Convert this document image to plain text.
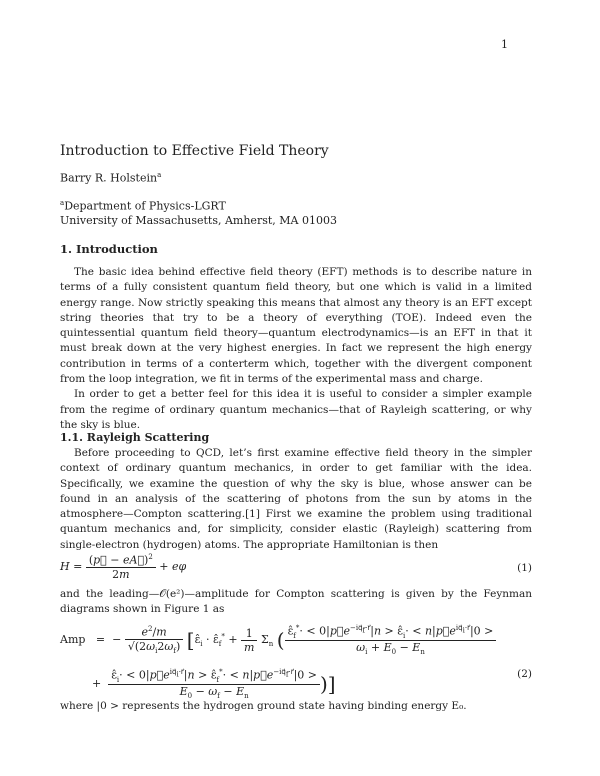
1
Introduction to Effective Field Theory
Barry R. Holstein$^a$
$^a$Department of Physics-LGRT
University of Massachusetts, Amherst, MA 01003
1. Introduction

The basic idea behind effective field theory (EFT) methods is to describe nature in terms of a fully consistent quantum field theory, but one which is valid in a limited energy range. Now strictly speaking this means that almost any theory is an EFT except string theories that try to be a theory of everything (TOE). Indeed even the quintessential quantum field theory—quantum electrodynamics—is an EFT in that it must break down at the very highest energies. In fact we represent the high energy contribution in terms of a conterterm which, together with the divergent component from the loop integration, we fit in terms of the experimental mass and charge.

In order to get a better feel for this idea it is useful to consider a simpler example from the regime of ordinary quantum mechanics—that of Rayleigh scattering, or why the sky is blue.

1.1. Rayleigh Scattering

Before proceeding to QCD, let’s first examine effective field theory in the simpler context of ordinary quantum mechanics, in order to get familiar with the idea. Specifically, we examine the question of why the sky is blue, whose answer can be found in an analysis of the scattering of photons from the sun by atoms in the atmosphere—Compton scattering.[1] First we examine the problem using traditional quantum mechanics and, for simplicity, consider elastic (Rayleigh) scattering from single-electron (hydrogen) atoms. The appropriate Hamiltonian is then

$H = \frac{(p⃗ - eA⃗)^2}{2m} + e\varphi$	(1)
and the leading—𝒪(e²)—amplitude for Compton scattering is given by the Feynman diagrams shown in Figure 1 as
Amp   =  − $\frac{e^2/m}{√(2\omega_i2\omega_f)}$ [$\varepsilon̂_i$ · $\varepsilon̂_f^* + \frac{1}{m} \Sigma_n$ ( $\frac{\varepsilon̂_f^*\cdot < 0|p⃗e^{-iq⃗_f\cdot r⃗}|n > \varepsilon̂_i\cdot < n|p⃗e^{iq⃗_i\cdot r⃗}|0 >}{\omega_i + E_0 - E_n}$
+ $\frac{\varepsilon̂_i\cdot < 0|p⃗e^{iq⃗_i\cdot r⃗}|n > \varepsilon̂_f^*\cdot < n|p⃗e^{-iq⃗_f\cdot r⃗}|0 >}{E_0 - \omega_f - E_n}$ )]	(2)
where |0 > represents the hydrogen ground state having binding energy E₀.
